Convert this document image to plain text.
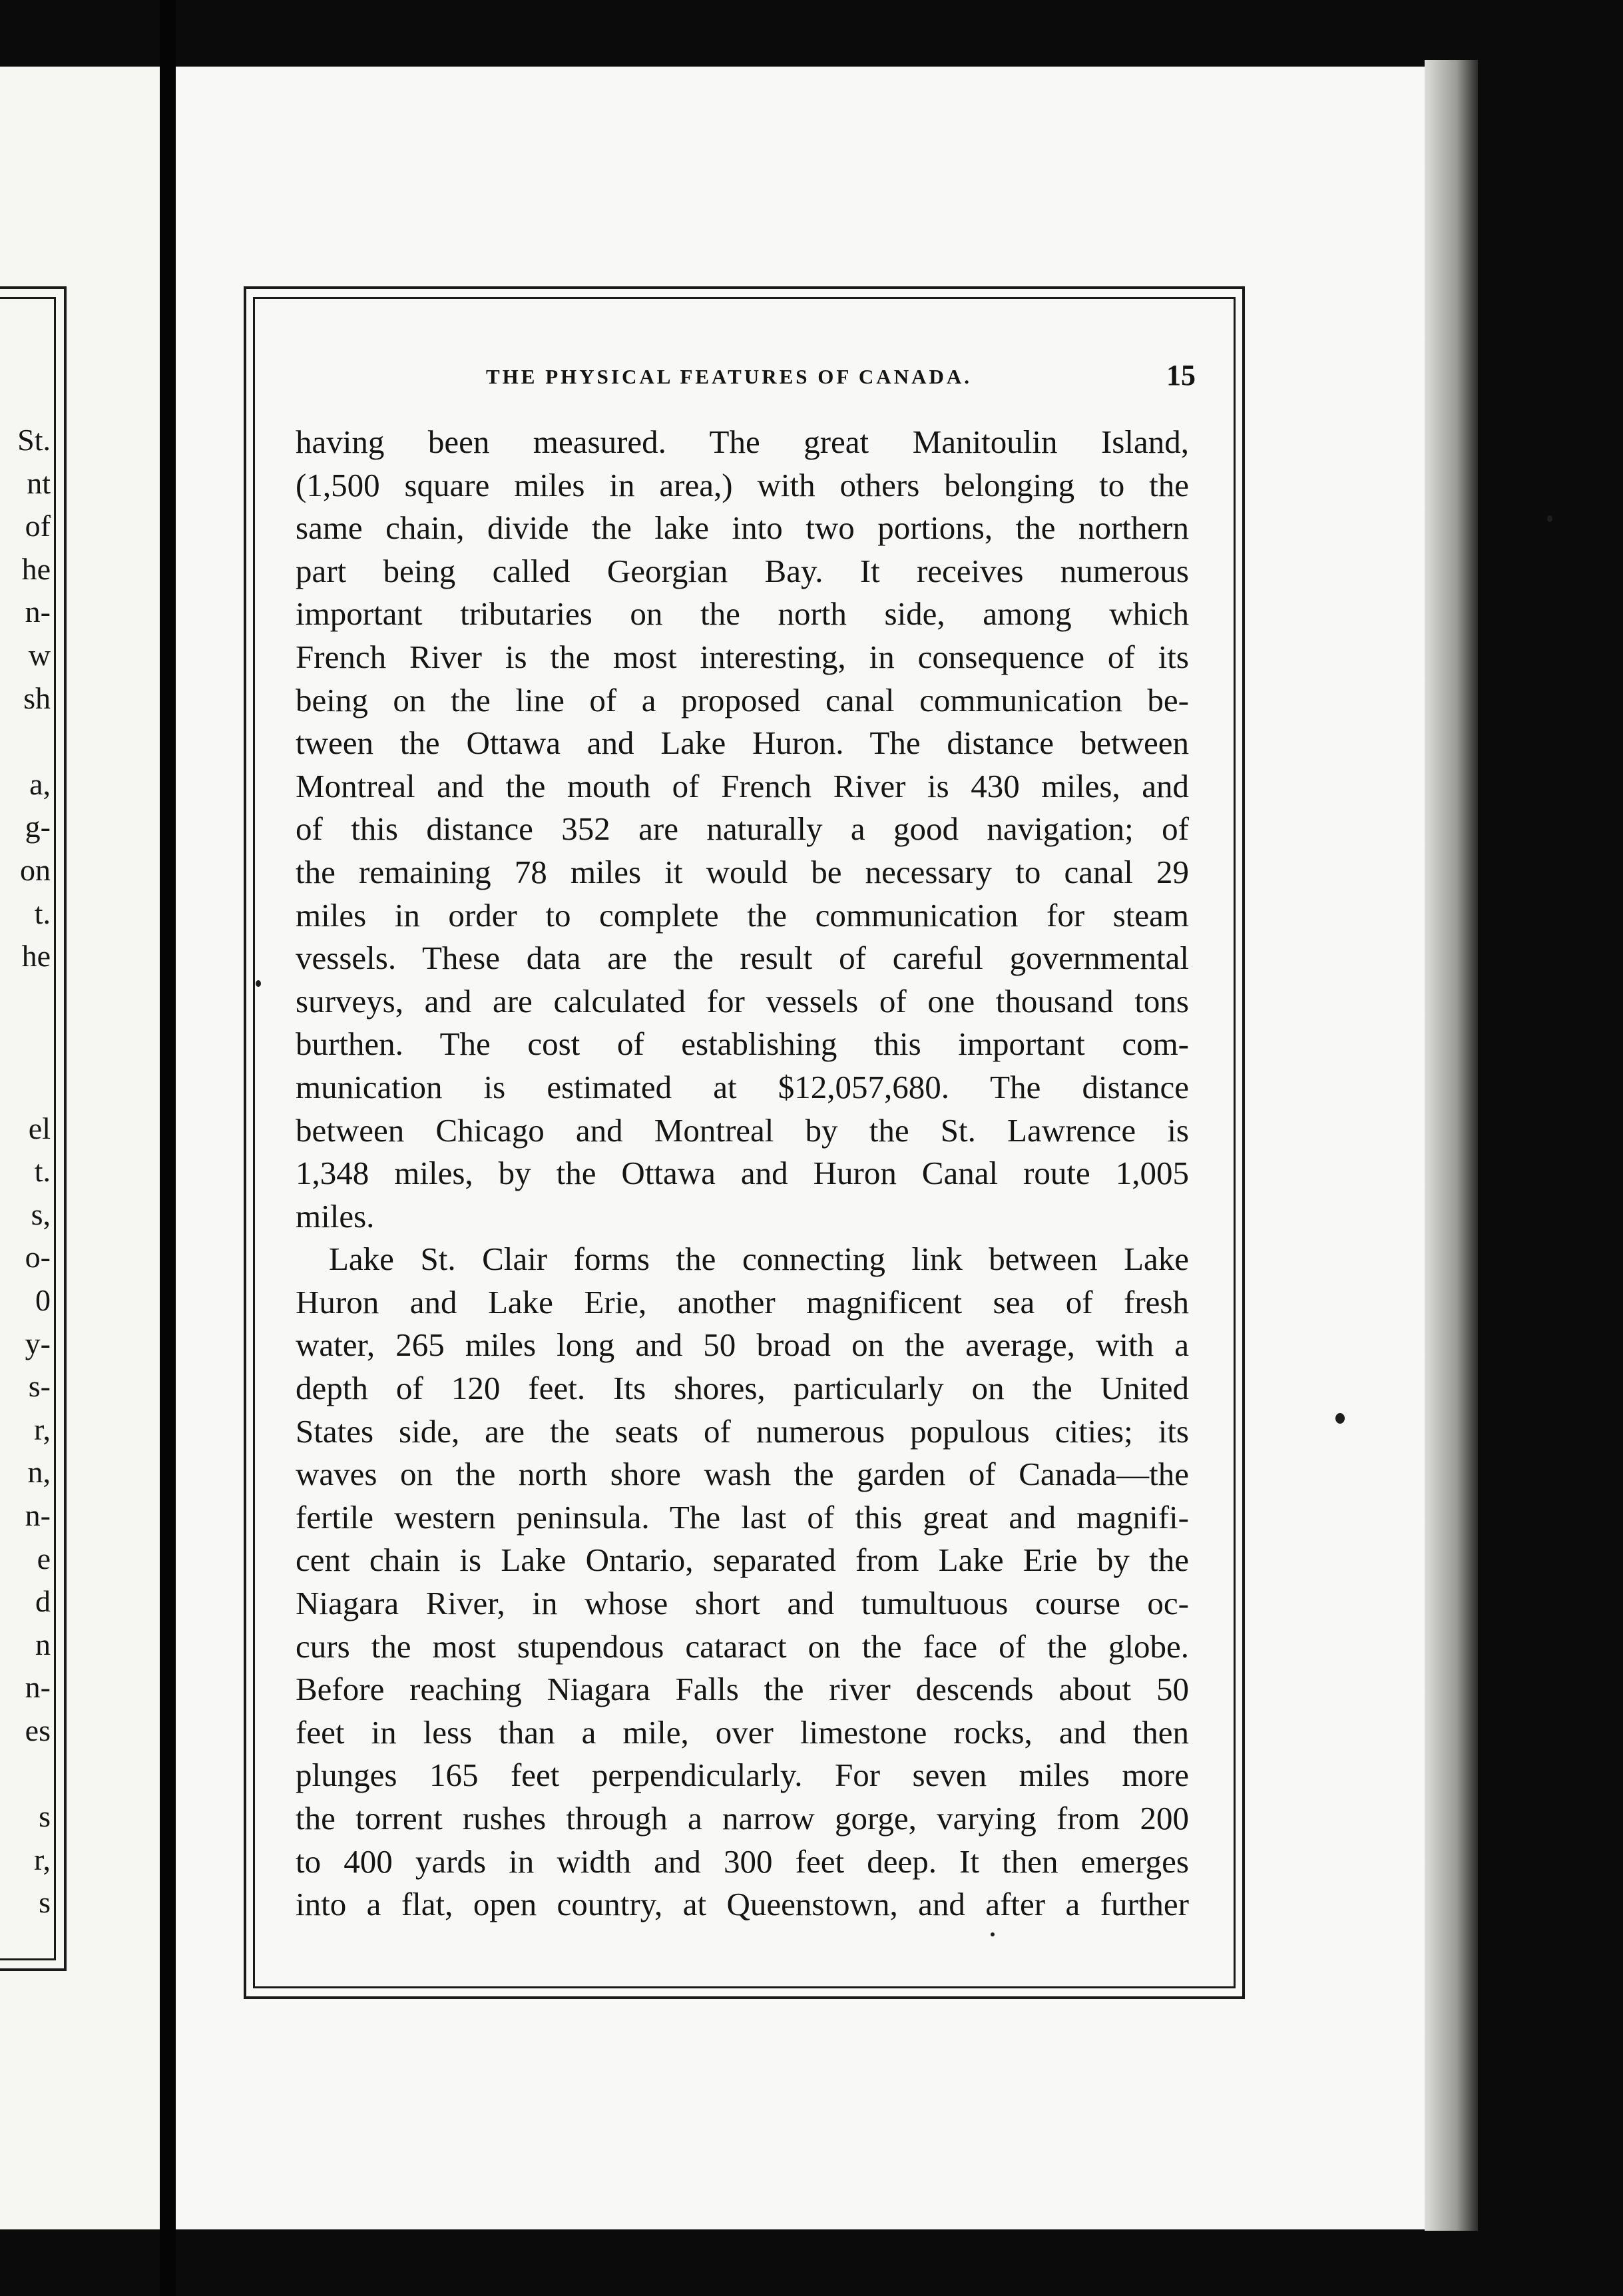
St.
nt
of
he
n-
w
sh
a,
g-
on
t.
he
el
t.
s,
o-
0
y-
s-
r,
n,
n-
e
d
n
n-
es
s
r,
s
THE PHYSICAL FEATURES OF CANADA.	15
having been measured. The great Manitoulin Island,
(1,500 square miles in area,) with others belonging to the
same chain, divide the lake into two portions, the northern
part being called Georgian Bay. It receives numerous
important tributaries on the north side, among which
French River is the most interesting, in consequence of its
being on the line of a proposed canal communication be-
tween the Ottawa and Lake Huron. The distance between
Montreal and the mouth of French River is 430 miles, and
of this distance 352 are naturally a good navigation; of
the remaining 78 miles it would be necessary to canal 29
miles in order to complete the communication for steam
vessels. These data are the result of careful governmental
surveys, and are calculated for vessels of one thousand tons
burthen. The cost of establishing this important com-
munication is estimated at $12,057,680. The distance
between Chicago and Montreal by the St. Lawrence is
1,348 miles, by the Ottawa and Huron Canal route 1,005
miles.
Lake St. Clair forms the connecting link between Lake
Huron and Lake Erie, another magnificent sea of fresh
water, 265 miles long and 50 broad on the average, with a
depth of 120 feet. Its shores, particularly on the United
States side, are the seats of numerous populous cities; its
waves on the north shore wash the garden of Canada—the
fertile western peninsula. The last of this great and magnifi-
cent chain is Lake Ontario, separated from Lake Erie by the
Niagara River, in whose short and tumultuous course oc-
curs the most stupendous cataract on the face of the globe.
Before reaching Niagara Falls the river descends about 50
feet in less than a mile, over limestone rocks, and then
plunges 165 feet perpendicularly. For seven miles more
the torrent rushes through a narrow gorge, varying from 200
to 400 yards in width and 300 feet deep. It then emerges
into a flat, open country, at Queenstown, and after a further
